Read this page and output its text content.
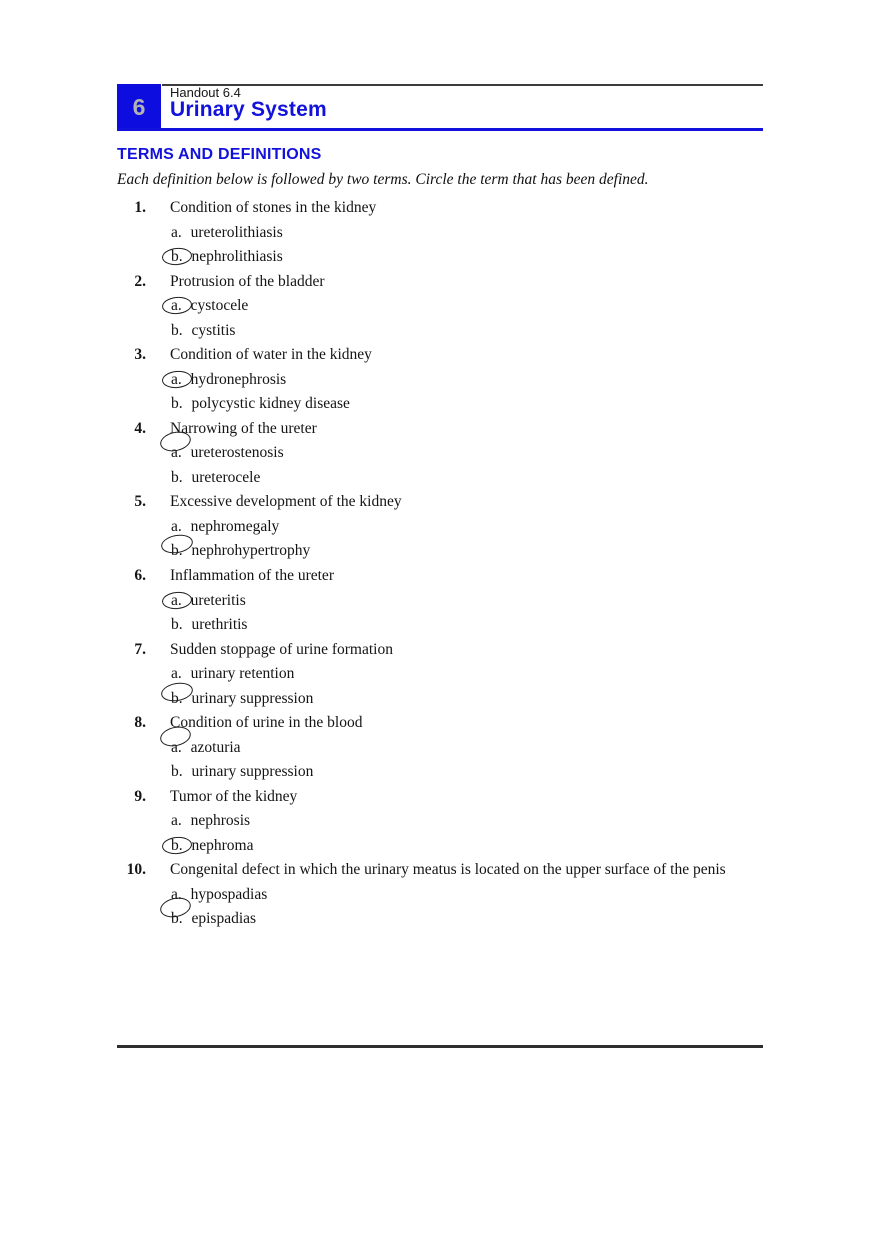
6
Handout 6.4
Urinary System
TERMS AND DEFINITIONS
Each definition below is followed by two terms. Circle the term that has been defined.
1. Condition of stones in the kidney
a. ureterolithiasis
b. nephrolithiasis
2. Protrusion of the bladder
a. cystocele
b. cystitis
3. Condition of water in the kidney
a. hydronephrosis
b. polycystic kidney disease
4. Narrowing of the ureter
a. ureterostenosis
b. ureterocele
5. Excessive development of the kidney
a. nephromegaly
b. nephrohypertrophy
6. Inflammation of the ureter
a. ureteritis
b. urethritis
7. Sudden stoppage of urine formation
a. urinary retention
b. urinary suppression
8. Condition of urine in the blood
a. azoturia
b. urinary suppression
9. Tumor of the kidney
a. nephrosis
b. nephroma
10. Congenital defect in which the urinary meatus is located on the upper surface of the penis
a. hypospadias
b. epispadias
